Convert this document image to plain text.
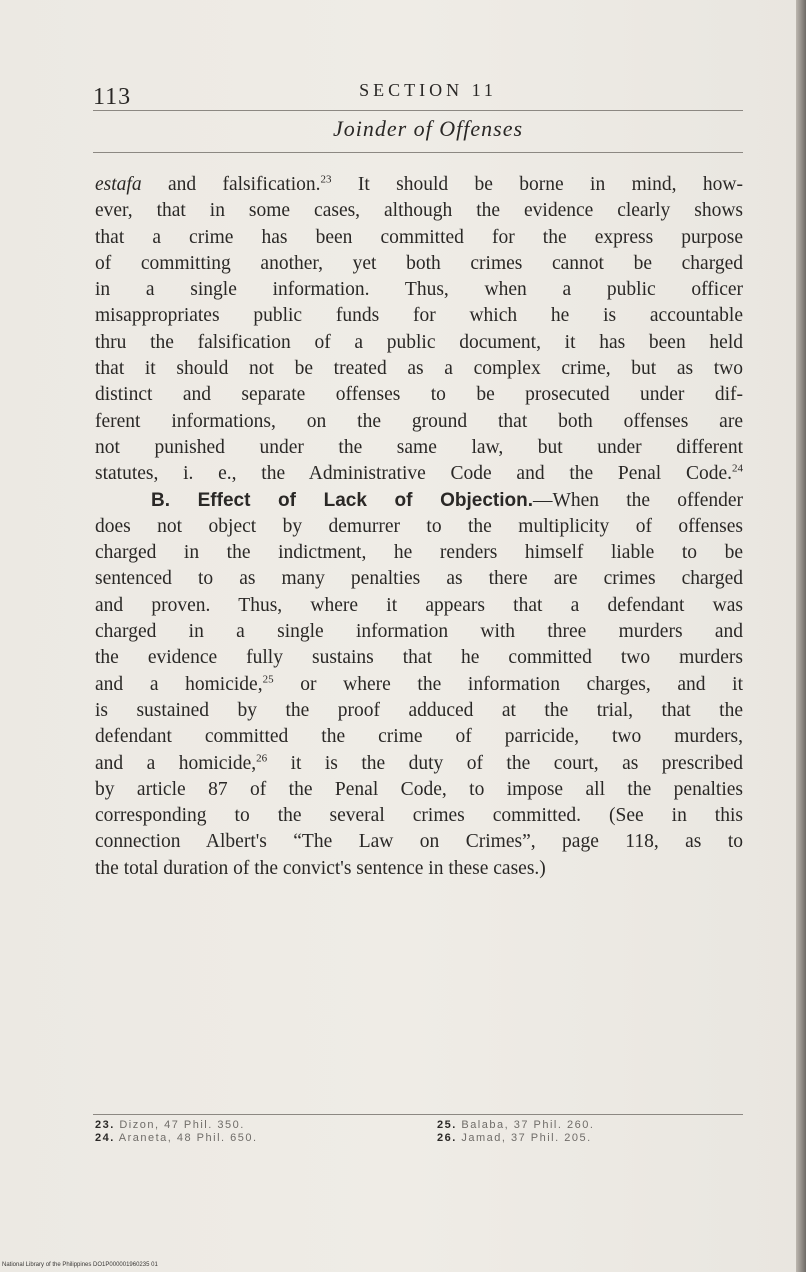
113	SECTION 11
Joinder of Offenses
estafa and falsification.$^{23}$ It should be borne in mind, how-
ever, that in some cases, although the evidence clearly shows
that a crime has been committed for the express purpose
of committing another, yet both crimes cannot be charged
in a single information. Thus, when a public officer
misappropriates public funds for which he is accountable
thru the falsification of a public document, it has been held
that it should not be treated as a complex crime, but as two
distinct and separate offenses to be prosecuted under dif-
ferent informations, on the ground that both offenses are
not punished under the same law, but under different
statutes, i. e., the Administrative Code and the Penal Code.$^{24}$
B. Effect of Lack of Objection.—When the offender
does not object by demurrer to the multiplicity of offenses
charged in the indictment, he renders himself liable to be
sentenced to as many penalties as there are crimes charged
and proven. Thus, where it appears that a defendant was
charged in a single information with three murders and
the evidence fully sustains that he committed two murders
and a homicide,$^{25}$ or where the information charges, and it
is sustained by the proof adduced at the trial, that the
defendant committed the crime of parricide, two murders,
and a homicide,$^{26}$ it is the duty of the court, as prescribed
by article 87 of the Penal Code, to impose all the penalties
corresponding to the several crimes committed. (See in this
connection Albert's “The Law on Crimes”, page 118, as to
the total duration of the convict's sentence in these cases.)
23. Dizon, 47 Phil. 350.
24. Araneta, 48 Phil. 650.
25. Balaba, 37 Phil. 260.
26. Jamad, 37 Phil. 205.
National Library of the Philippines DO1P000001960235 01
